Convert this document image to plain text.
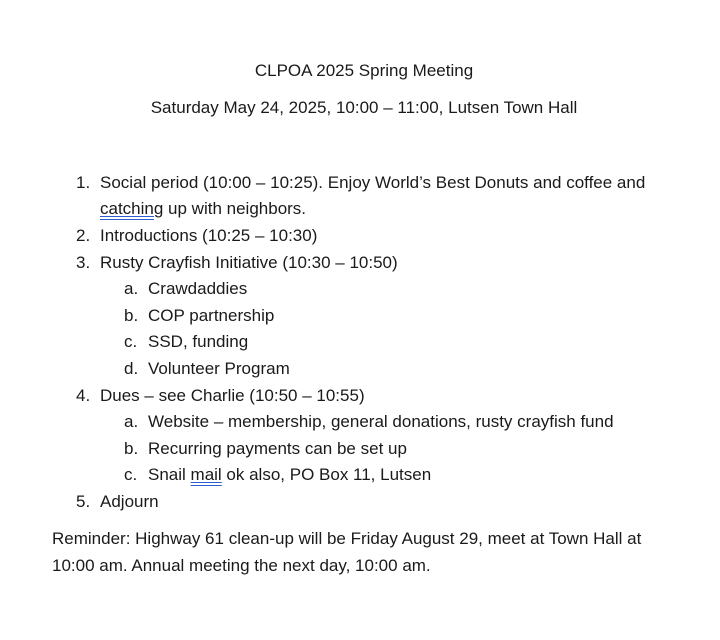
CLPOA 2025 Spring Meeting
Saturday May 24, 2025, 10:00 – 11:00, Lutsen Town Hall
1. Social period (10:00 – 10:25). Enjoy World’s Best Donuts and coffee and catching up with neighbors.
2. Introductions (10:25 – 10:30)
3. Rusty Crayfish Initiative (10:30 – 10:50)
a. Crawdaddies
b. COP partnership
c. SSD, funding
d. Volunteer Program
4. Dues – see Charlie (10:50 – 10:55)
a. Website – membership, general donations, rusty crayfish fund
b. Recurring payments can be set up
c. Snail mail ok also, PO Box 11, Lutsen
5. Adjourn
Reminder: Highway 61 clean-up will be Friday August 29, meet at Town Hall at 10:00 am. Annual meeting the next day, 10:00 am.
